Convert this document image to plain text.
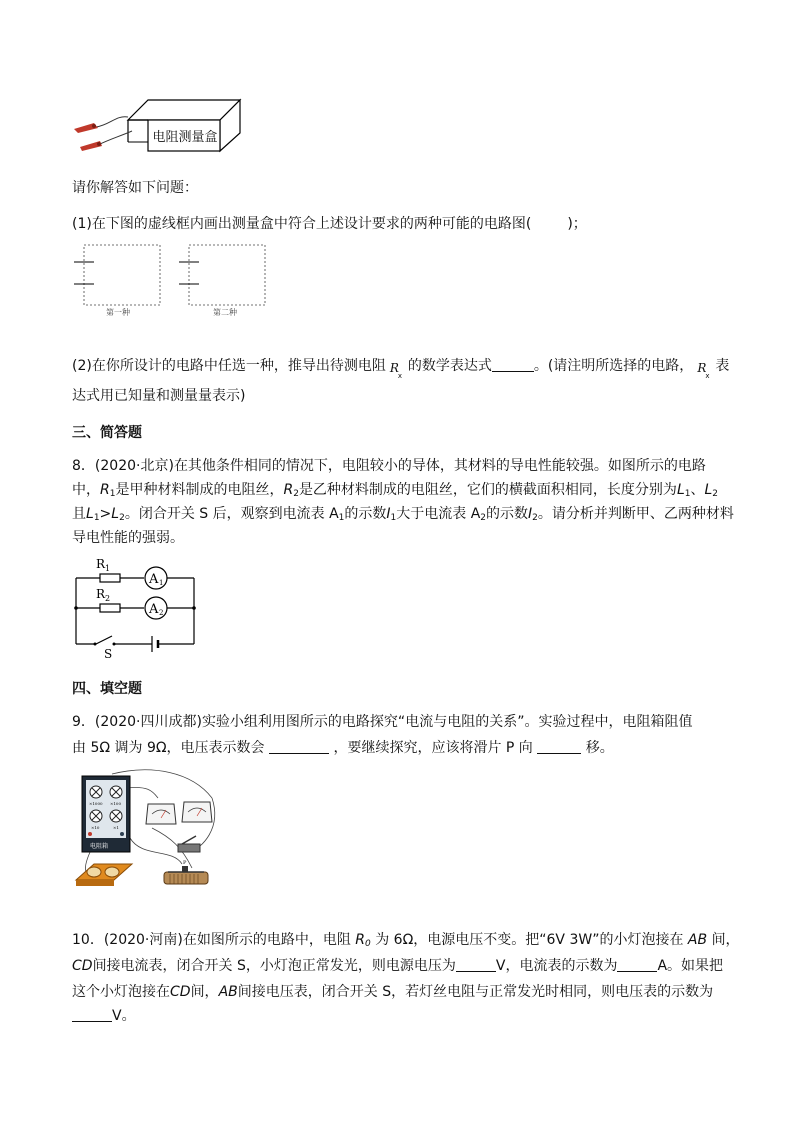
电阻测量盒
请你解答如下问题：
(1)在下图的虚线框内画出测量盒中符合上述设计要求的两种可能的电路图(	)；
第一种	第二种
(2)在你所设计的电路中任选一种，推导出待测电阻 R
x
的数学表达式	。(请注明所选择的电路， R
x
表
达式用已知量和测量量表示)
三、简答题
8．(2020·北京)在其他条件相同的情况下，电阻较小的导体，其材料的导电性能较强。如图所示的电路
中，$R_1$是甲种材料制成的电阻丝，$R_2$是乙种材料制成的电阻丝，它们的横截面积相同，长度分别为$L_1$、$L_2$
且$L_1>L_2$。闭合开关 S 后，观察到电流表 $A_1$的示数$I_1$大于电流表 $A_2$的示数$I_2$。请分析并判断甲、乙两种材料
导电性能的强弱。
R 1
R 2
A 1
A 2
S
四、填空题
9．(2020·四川成都)实验小组利用图所示的电路探究“电流与电阻的关系”。实验过程中，电阻箱阻值
由 5Ω 调为 9Ω，电压表示数会	，要继续探究，应该将滑片 P 向	移。
×1000 ×100
×10	×1
P
电阻箱
10．(2020·河南)在如图所示的电路中，电阻 $R_0$ 为 6Ω，电源电压不变。把“6V 3W”的小灯泡接在 AB 间，
CD间接电流表，闭合开关 S，小灯泡正常发光，则电源电压为	V，电流表的示数为	A。如果把
这个小灯泡接在CD间，AB间接电压表，闭合开关 S，若灯丝电阻与正常发光时相同，则电压表的示数为
V。
